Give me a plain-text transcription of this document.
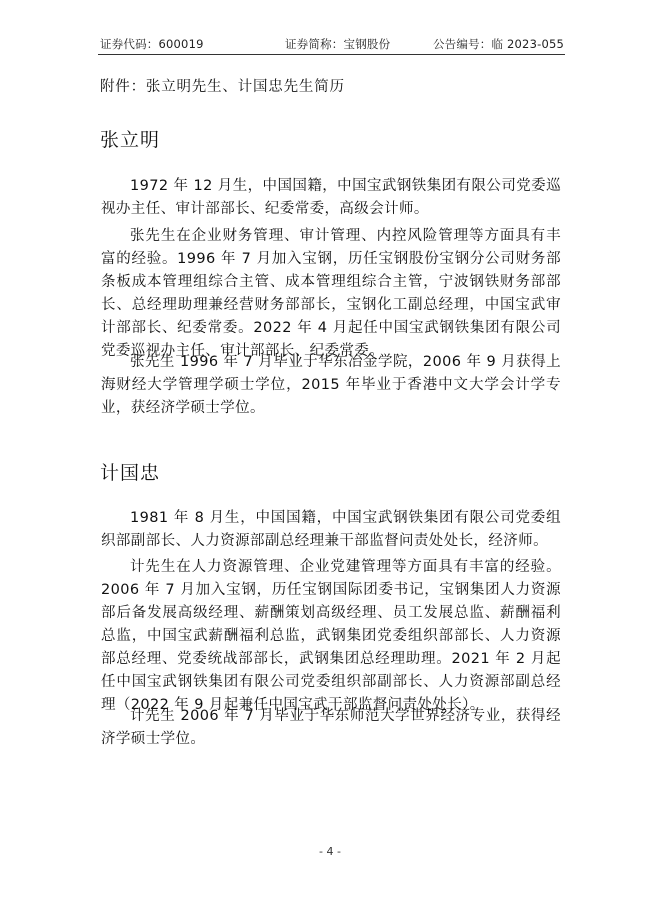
证券代码：600019	证券简称：宝钢股份	公告编号：临 2023-055
附件：张立明先生、计国忠先生简历
张立明

1972 年 12 月生，中国国籍，中国宝武钢铁集团有限公司党委巡视办主任、审计部部长、纪委常委，高级会计师。

张先生在企业财务管理、审计管理、内控风险管理等方面具有丰富的经验。1996 年 7 月加入宝钢，历任宝钢股份宝钢分公司财务部条板成本管理组综合主管、成本管理组综合主管，宁波钢铁财务部部长、总经理助理兼经营财务部部长，宝钢化工副总经理，中国宝武审计部部长、纪委常委。2022 年 4 月起任中国宝武钢铁集团有限公司党委巡视办主任、审计部部长、纪委常委。

张先生 1996 年 7 月毕业于华东冶金学院，2006 年 9 月获得上海财经大学管理学硕士学位，2015 年毕业于香港中文大学会计学专业，获经济学硕士学位。

计国忠

1981 年 8 月生，中国国籍，中国宝武钢铁集团有限公司党委组织部副部长、人力资源部副总经理兼干部监督问责处处长，经济师。

计先生在人力资源管理、企业党建管理等方面具有丰富的经验。2006 年 7 月加入宝钢，历任宝钢国际团委书记，宝钢集团人力资源部后备发展高级经理、薪酬策划高级经理、员工发展总监、薪酬福利总监，中国宝武薪酬福利总监，武钢集团党委组织部部长、人力资源部总经理、党委统战部部长，武钢集团总经理助理。2021 年 2 月起任中国宝武钢铁集团有限公司党委组织部副部长、人力资源部副总经理（2022 年 9 月起兼任中国宝武干部监督问责处处长）。

计先生 2006 年 7 月毕业于华东师范大学世界经济专业，获得经济学硕士学位。

- 4 -
